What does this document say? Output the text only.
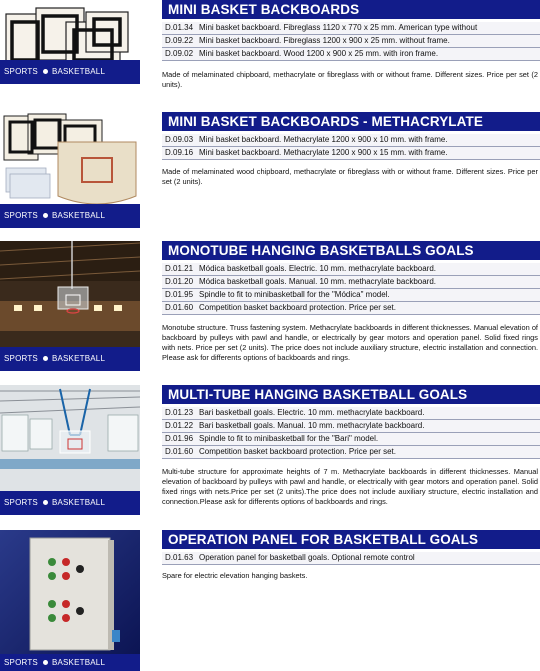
SPORTS BASKETBALL
MINI BASKET BACKBOARDS
D.01.34 Mini basket backboard. Fibreglass 1120 x 770 x 25 mm. American type without
D.09.22 Mini basket backboard. Fibreglass 1200 x 900 x 25 mm. without frame.
D.09.02 Mini basket backboard. Wood 1200 x 900 x 25 mm. with iron frame.
Made of melaminated chipboard, methacrylate or fibreglass with or without frame. Different sizes. Price per set (2 units).
SPORTS BASKETBALL
MINI BASKET BACKBOARDS - METHACRYLATE
D.09.03 Mini basket backboard. Methacrylate 1200 x 900 x 10 mm. with frame.
D.09.16 Mini basket backboard. Methacrylate 1200 x 900 x 15 mm. with frame.
Made of melaminated wood chipboard, methacrylate or fibreglass with or without frame. Different sizes. Price per set (2 units).
SPORTS BASKETBALL
MONOTUBE HANGING BASKETBALLS GOALS
D.01.21 Módica basketball goals. Electric. 10 mm. methacrylate backboard.
D.01.20 Módica basketball goals. Manual. 10 mm. methacrylate backboard.
D.01.95 Spindle to fit to minibasketball for the "Módica" model.
D.01.60 Competition basket backboard protection. Price per set.
Monotube structure. Truss fastening system. Methacrylate backboards in different thicknesses. Manual elevation of backboard by pulleys with pawl and handle, or electrically by gear motors and operation panel. Solid fixed rings with nets. Price per set (2 units). The price does not include auxiliary structure, electric installation and connection. Please ask for differents options of backboards and rings.
SPORTS BASKETBALL
MULTI-TUBE HANGING BASKETBALL GOALS
D.01.23 Bari basketball goals. Electric. 10 mm. methacrylate backboard.
D.01.22 Bari basketball goals. Manual. 10 mm. methacrylate backboard.
D.01.96 Spindle to fit to minibasketball for the "Bari" model.
D.01.60 Competition basket backboard protection. Price per set.
Multi-tube structure for approximate heights of 7 m. Methacrylate backboards in different thicknesses. Manual elevation of backboard by pulleys with pawl and handle, or electrically with gear motors and operation panel. Solid fixed rings with nets.Price per set (2 units).The price does not include auxiliary structure, electric installation and connection.Please ask for differents options of backboards and rings.
SPORTS BASKETBALL
OPERATION PANEL FOR BASKETBALL GOALS
D.01.63 Operation panel for basketball goals. Optional remote control
Spare for electric elevation hanging baskets.
